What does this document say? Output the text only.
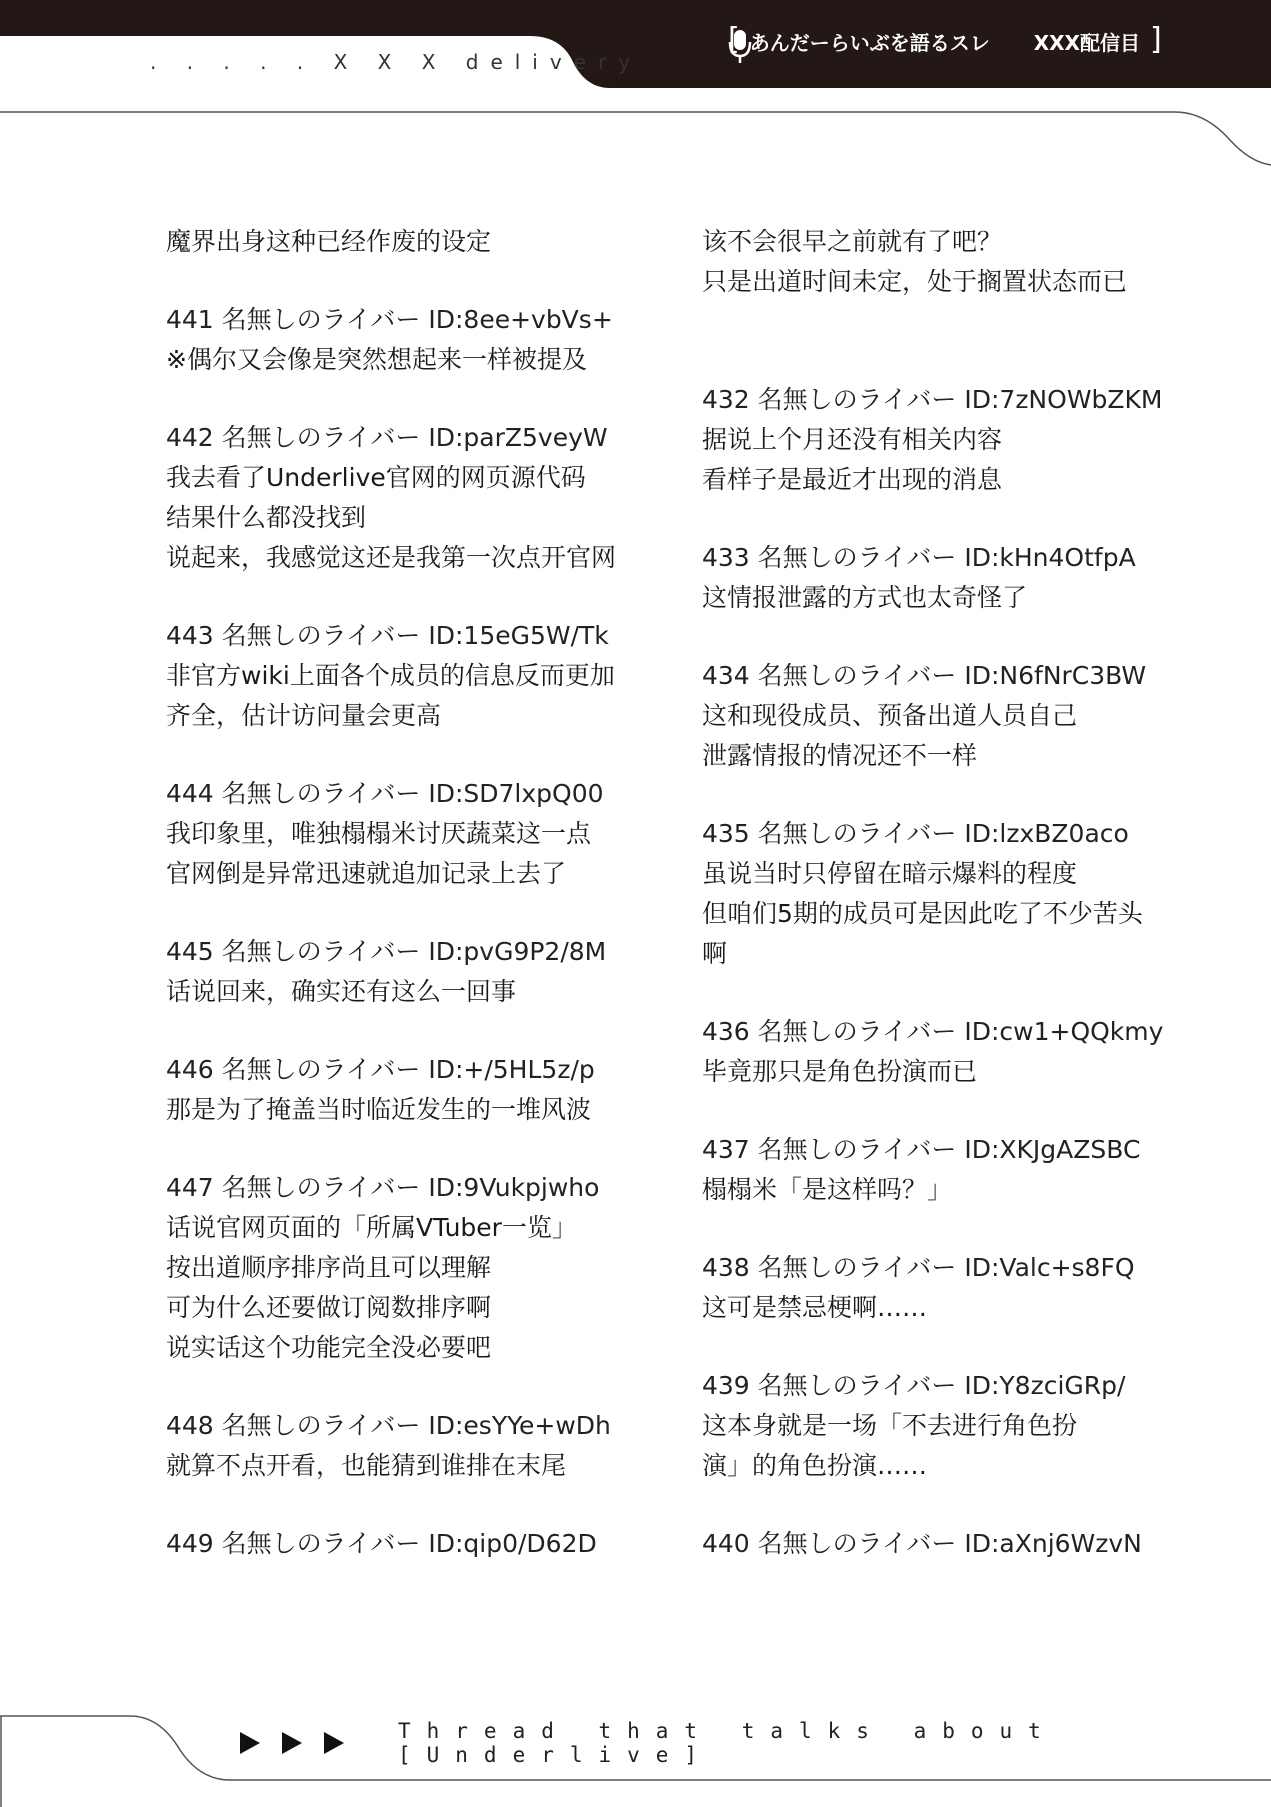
. . . . . X X X delivery
[ あんだーらいぶを語るスレ XXX配信目 ]
魔界出身这种已经作废的设定
441 名無しのライバー ID:8ee+vbVs+
※偶尔又会像是突然想起来一样被提及
442 名無しのライバー ID:parZ5veyW
我去看了Underlive官网的网页源代码
结果什么都没找到
说起来，我感觉这还是我第一次点开官网
443 名無しのライバー ID:15eG5W/Tk
非官方wiki上面各个成员的信息反而更加
齐全，估计访问量会更高
444 名無しのライバー ID:SD7lxpQ00
我印象里，唯独榻榻米讨厌蔬菜这一点
官网倒是异常迅速就追加记录上去了
445 名無しのライバー ID:pvG9P2/8M
话说回来，确实还有这么一回事
446 名無しのライバー ID:+/5HL5z/p
那是为了掩盖当时临近发生的一堆风波
447 名無しのライバー ID:9Vukpjwho
话说官网页面的「所属VTuber一览」
按出道顺序排序尚且可以理解
可为什么还要做订阅数排序啊
说实话这个功能完全没必要吧
448 名無しのライバー ID:esYYe+wDh
就算不点开看，也能猜到谁排在末尾
449 名無しのライバー ID:qip0/D62D
该不会很早之前就有了吧？
只是出道时间未定，处于搁置状态而已
432 名無しのライバー ID:7zNOWbZKM
据说上个月还没有相关内容
看样子是最近才出现的消息
433 名無しのライバー ID:kHn4OtfpA
这情报泄露的方式也太奇怪了
434 名無しのライバー ID:N6fNrC3BW
这和现役成员、预备出道人员自己
泄露情报的情况还不一样
435 名無しのライバー ID:lzxBZ0aco
虽说当时只停留在暗示爆料的程度
但咱们5期的成员可是因此吃了不少苦头
啊
436 名無しのライバー ID:cw1+QQkmy
毕竟那只是角色扮演而已
437 名無しのライバー ID:XKJgAZSBC
榻榻米「是这样吗？」
438 名無しのライバー ID:Valc+s8FQ
这可是禁忌梗啊……
439 名無しのライバー ID:Y8zciGRp/
这本身就是一场「不去进行角色扮
演」的角色扮演……
440 名無しのライバー ID:aXnj6WzvN
Thread that talks about [Underlive]
